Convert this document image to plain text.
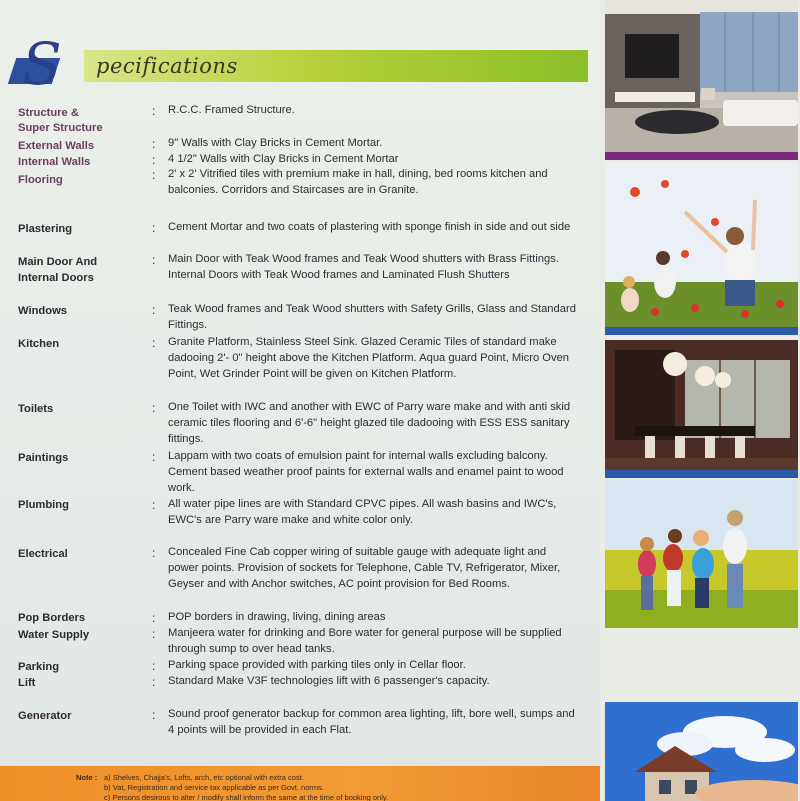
S	pecifications
Structure &
Super Structure
: R.C.C. Framed Structure.

External Walls	: 9" Walls with Clay Bricks in Cement Mortar.

Internal Walls	: 4 1/2" Walls with Clay Bricks in Cement Mortar

Flooring	: 2' x 2' Vitrified tiles with premium make in hall, dining, bed rooms kitchen and balconies. Corridors and Staircases are in Granite.

Plastering	: Cement Mortar and two coats of plastering with sponge finish in side and out side

Main Door And
Internal Doors
: Main Door with Teak Wood frames and Teak Wood shutters with Brass Fittings. Internal Doors with Teak Wood frames and Laminated Flush Shutters

Windows	: Teak Wood frames and Teak Wood shutters with Safety Grills, Glass and Standard Fittings.

Kitchen	: Granite Platform, Stainless Steel Sink. Glazed Ceramic Tiles of standard make dadooing 2'- 0" height above the Kitchen Platform. Aqua guard Point, Micro Oven Point, Wet Grinder Point will be given on Kitchen Platform.

Toilets	: One Toilet with IWC and another with EWC of Parry ware make and with anti skid ceramic tiles flooring and 6'-6" height glazed tile dadooing with ESS ESS sanitary fittings.

Paintings	: Lappam with two coats of emulsion paint for internal walls excluding balcony. Cement based weather proof paints for external walls and enamel paint to wood work.

Plumbing	: All water pipe lines are with Standard CPVC pipes. All wash basins and IWC's, EWC's are Parry ware make and white color only.

Electrical	: Concealed Fine Cab copper wiring of suitable gauge with adequate light and power points. Provision of sockets for Telephone, Cable TV, Refrigerator, Mixer, Geyser and with Anchor switches, AC point provision for Bed Rooms.

Pop Borders	: POP borders in drawing, living, dining areas

Water Supply	: Manjeera water for drinking and Bore water for general purpose will be supplied through sump to over head tanks.

Parking	: Parking space provided with parking tiles only in Cellar floor.

Lift	: Standard Make V3F technologies lift with 6 passenger's capacity.

Generator	: Sound proof generator backup for common area lighting, lift, bore well, sumps and 4 points will be provided in each Flat.

Note : a) Shelves, Chajja's, Lofts, arch, etc optional with extra cost.
b) Vat, Registration and service tax applicable as per Govt. norms.
c) Persons desirous to alter / modify shall inform the same at the time of booking only.
